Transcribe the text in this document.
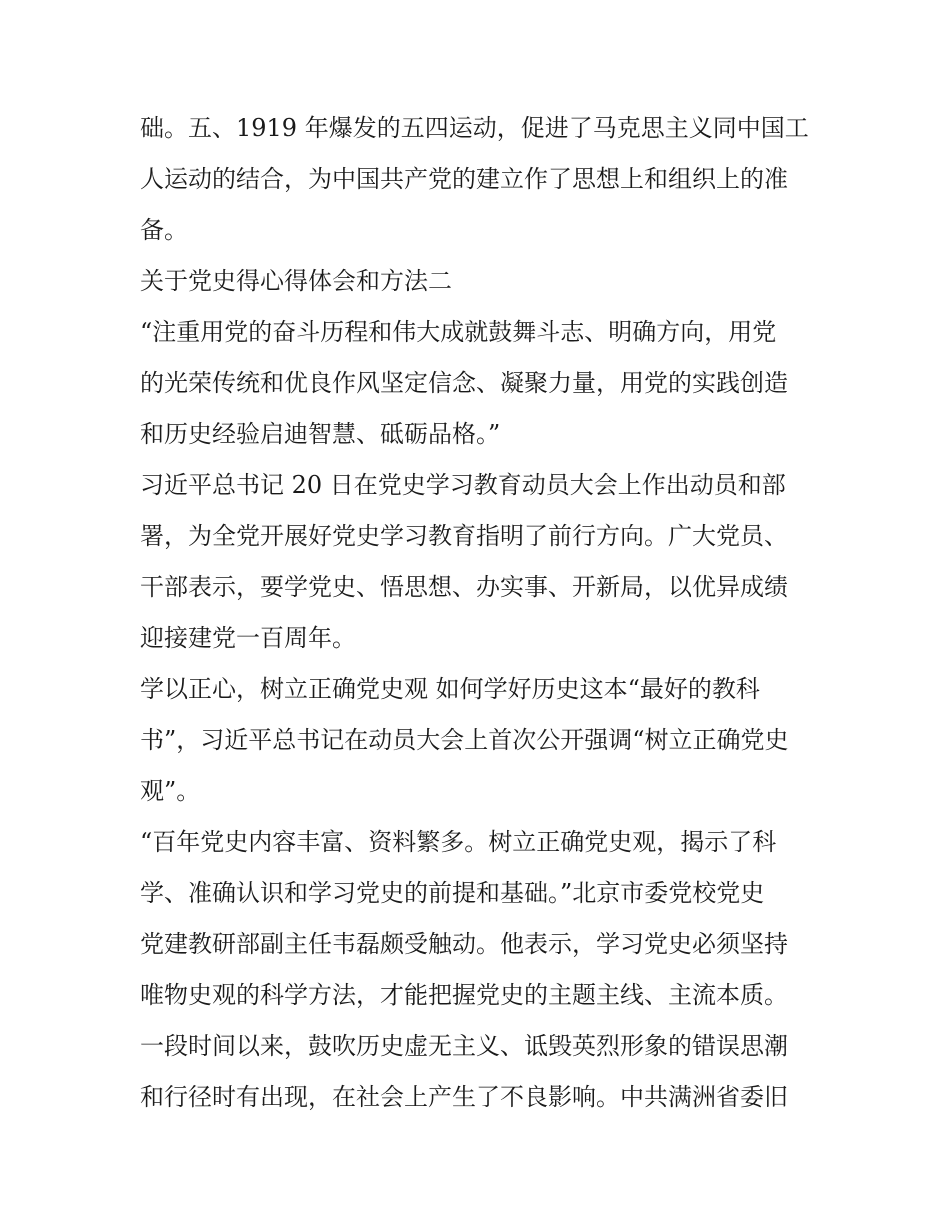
础。五、1919 年爆发的五四运动，促进了马克思主义同中国工
人运动的结合，为中国共产党的建立作了思想上和组织上的准
备。
关于党史得心得体会和方法二
“注重用党的奋斗历程和伟大成就鼓舞斗志、明确方向，用党
的光荣传统和优良作风坚定信念、凝聚力量，用党的实践创造
和历史经验启迪智慧、砥砺品格。”
习近平总书记 20 日在党史学习教育动员大会上作出动员和部
署，为全党开展好党史学习教育指明了前行方向。广大党员、
干部表示，要学党史、悟思想、办实事、开新局，以优异成绩
迎接建党一百周年。
学以正心，树立正确党史观 如何学好历史这本“最好的教科
书”，习近平总书记在动员大会上首次公开强调“树立正确党史
观”。
“百年党史内容丰富、资料繁多。树立正确党史观，揭示了科
学、准确认识和学习党史的前提和基础。”北京市委党校党史
党建教研部副主任韦磊颇受触动。他表示，学习党史必须坚持
唯物史观的科学方法，才能把握党史的主题主线、主流本质。
一段时间以来，鼓吹历史虚无主义、诋毁英烈形象的错误思潮
和行径时有出现，在社会上产生了不良影响。中共满洲省委旧
